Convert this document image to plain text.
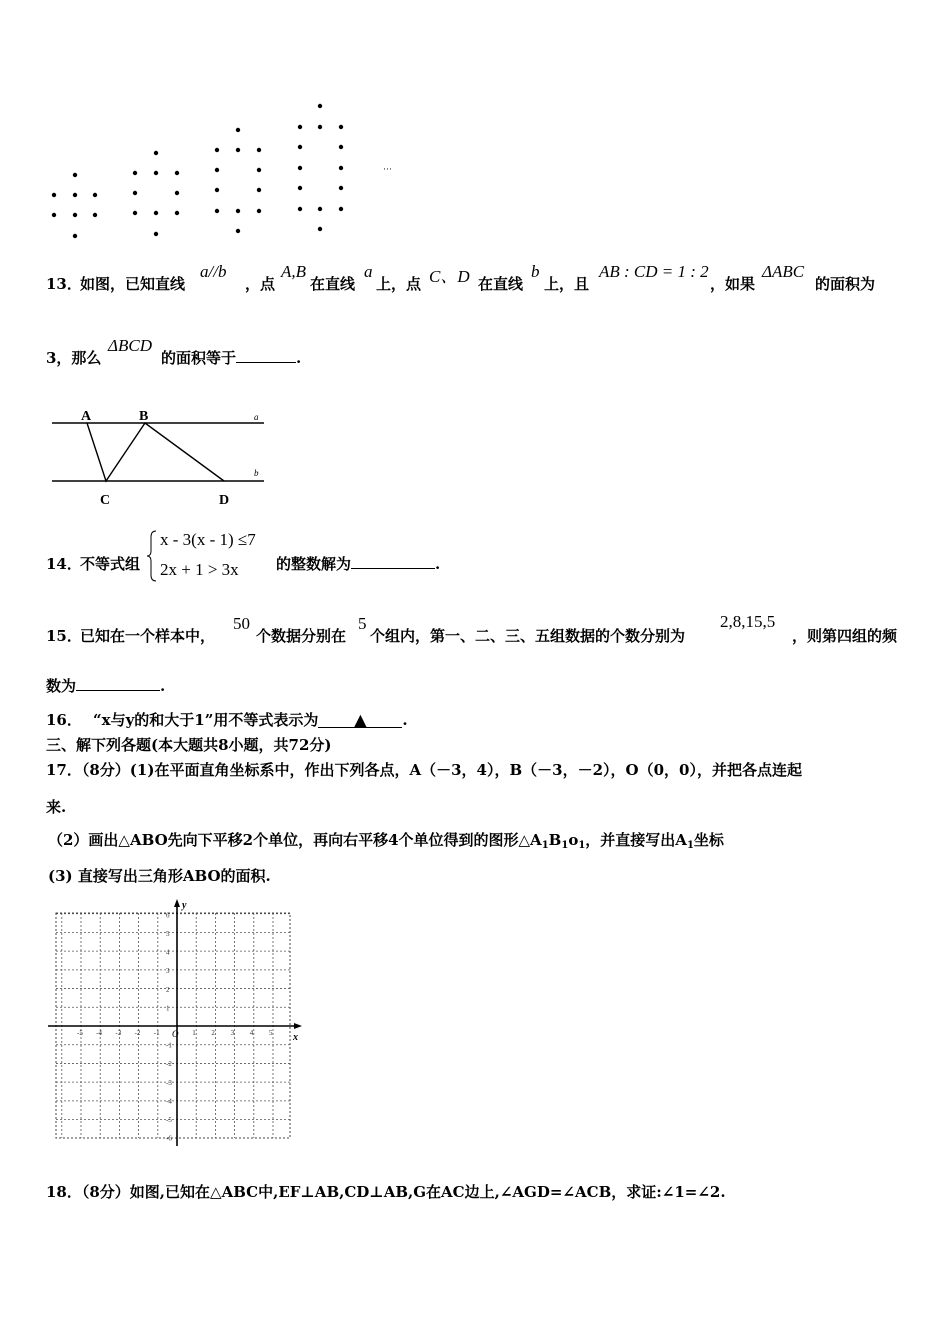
···
13．
如图，已知直线
a//b
，点
A,B
在直线
a
上，点 C、D 在直线
b
上，且
AB : CD = 1 : 2
，如果
ΔABC
的面积为
3，那么
ΔBCD
的面积等于	.
A	B
C	D
a
b
14．
不等式组
x - 3(x - 1) ≤7
2x + 1 > 3x 的整数解为	.
15．
已知在一个样本中，
50
个数据分别在
5
个组内，第一、二、三、五组数据的个数分别为
2,8,15,5
，则第四组的频
数为	.
16． “x与y的和大于1”用不等式表示为 ▲ .
三、解下列各题(本大题共8小题，共72分)
17．（8分）(1)在平面直角坐标系中，作出下列各点，A（－3，4），B（－3，－2），O（0，0），并把各点连起
来.
（2）画出△ABO先向下平移2个单位，再向右平移4个单位得到的图形$\triangle A_1B_1o_1$，并直接写出$A_1$坐标
(3) 直接写出三角形ABO的面积.
y
x
O
6
5
4
3
2
1
-1
-2
-3
-4
-5
-6
-5 -4 -3 -2 -1	1 2 3 4 5
18．（8分）如图,已知在△ABC中,EF⊥AB,CD⊥AB,G在AC边上,∠AGD=∠ACB，求证:∠1=∠2.
